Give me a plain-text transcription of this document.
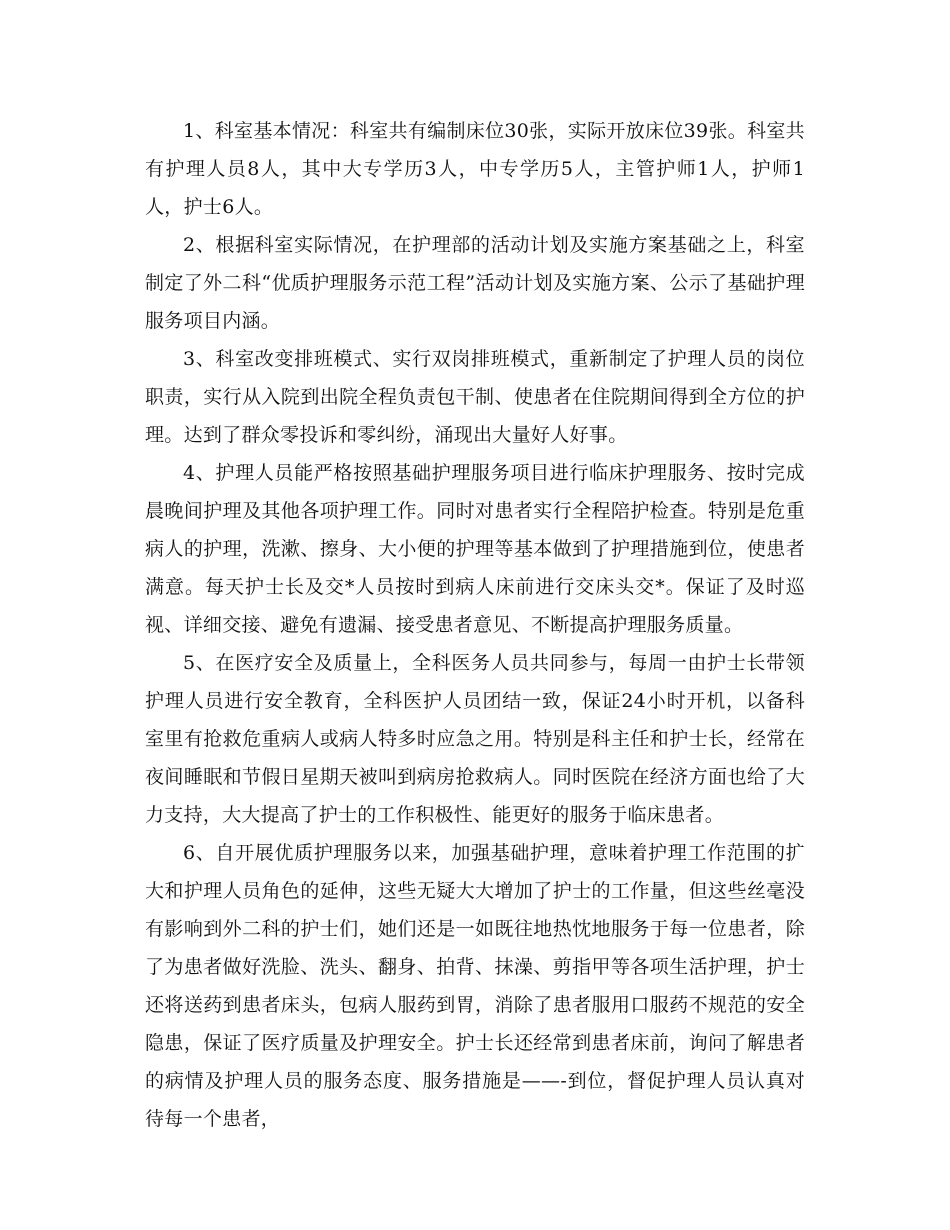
1、科室基本情况：科室共有编制床位30张，实际开放床位39张。科室共有护理人员8人，其中大专学历3人，中专学历5人，主管护师1人，护师1人，护士6人。

2、根据科室实际情况，在护理部的活动计划及实施方案基础之上，科室制定了外二科“优质护理服务示范工程”活动计划及实施方案、公示了基础护理服务项目内涵。

3、科室改变排班模式、实行双岗排班模式，重新制定了护理人员的岗位职责，实行从入院到出院全程负责包干制、使患者在住院期间得到全方位的护理。达到了群众零投诉和零纠纷，涌现出大量好人好事。

4、护理人员能严格按照基础护理服务项目进行临床护理服务、按时完成晨晚间护理及其他各项护理工作。同时对患者实行全程陪护检查。特别是危重病人的护理，洗漱、擦身、大小便的护理等基本做到了护理措施到位，使患者满意。每天护士长及交*人员按时到病人床前进行交床头交*。保证了及时巡视、详细交接、避免有遗漏、接受患者意见、不断提高护理服务质量。

5、在医疗安全及质量上，全科医务人员共同参与，每周一由护士长带领护理人员进行安全教育，全科医护人员团结一致，保证24小时开机，以备科室里有抢救危重病人或病人特多时应急之用。特别是科主任和护士长，经常在夜间睡眠和节假日星期天被叫到病房抢救病人。同时医院在经济方面也给了大力支持，大大提高了护士的工作积极性、能更好的服务于临床患者。

6、自开展优质护理服务以来，加强基础护理，意味着护理工作范围的扩大和护理人员角色的延伸，这些无疑大大增加了护士的工作量，但这些丝毫没有影响到外二科的护士们，她们还是一如既往地热忱地服务于每一位患者，除了为患者做好洗脸、洗头、翻身、拍背、抹澡、剪指甲等各项生活护理，护士还将送药到患者床头，包病人服药到胃，消除了患者服用口服药不规范的安全隐患，保证了医疗质量及护理安全。护士长还经常到患者床前，询问了解患者的病情及护理人员的服务态度、服务措施是——-到位，督促护理人员认真对待每一个患者，
